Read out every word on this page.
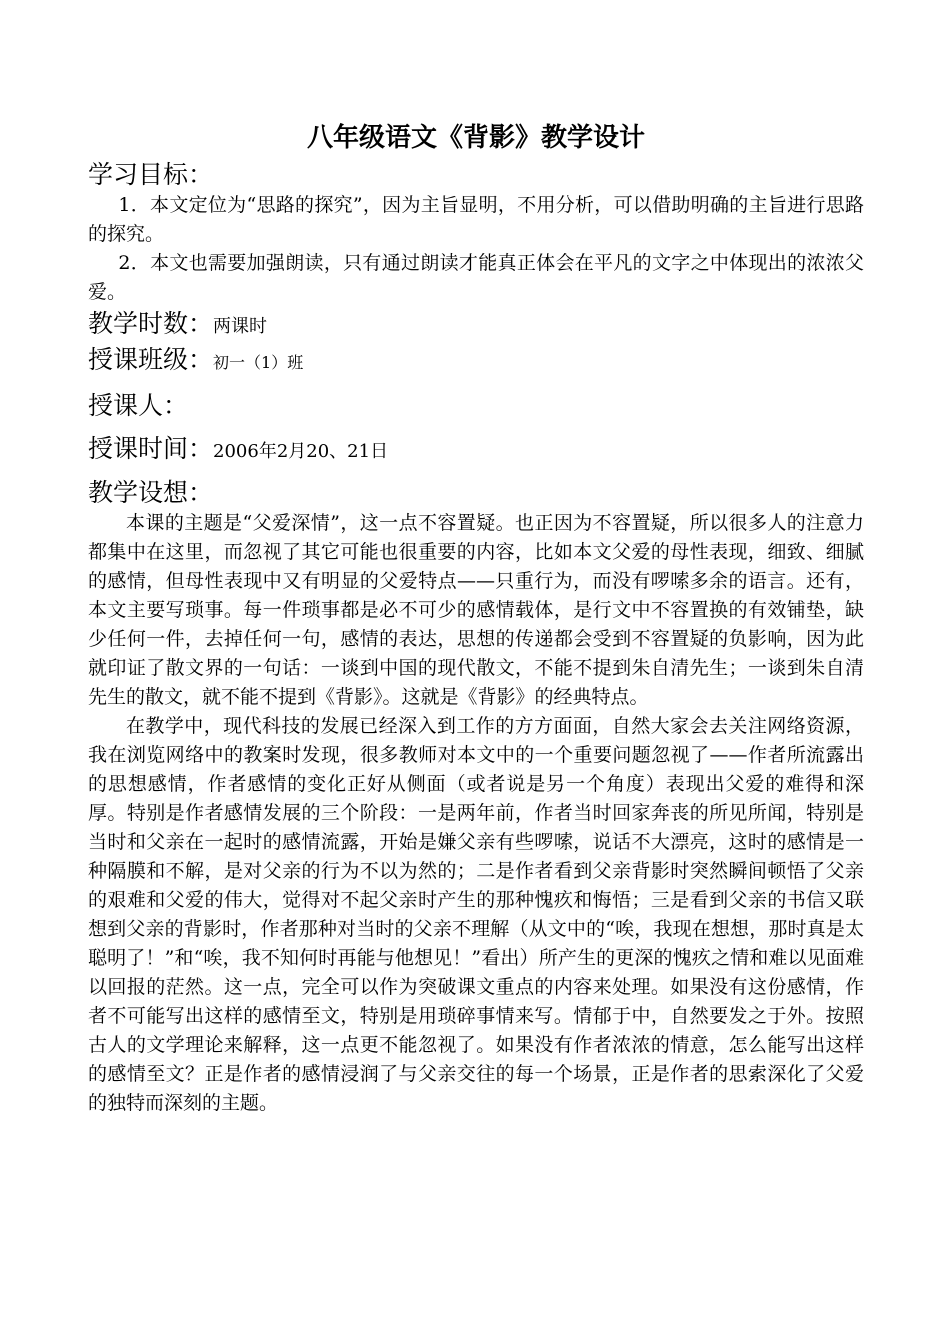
八年级语文《背影》教学设计

学习目标：

1．本文定位为“思路的探究”，因为主旨显明，不用分析，可以借助明确的主旨进行思路的探究。

2．本文也需要加强朗读，只有通过朗读才能真正体会在平凡的文字之中体现出的浓浓父爱。

教学时数：两课时

授课班级：初一（1）班

授课人：

授课时间：2006年2月20、21日

教学设想：

本课的主题是“父爱深情”，这一点不容置疑。也正因为不容置疑，所以很多人的注意力都集中在这里，而忽视了其它可能也很重要的内容，比如本文父爱的母性表现，细致、细腻的感情，但母性表现中又有明显的父爱特点——只重行为，而没有啰嗦多余的语言。还有，本文主要写琐事。每一件琐事都是必不可少的感情载体，是行文中不容置换的有效铺垫，缺少任何一件，去掉任何一句，感情的表达，思想的传递都会受到不容置疑的负影响，因为此就印证了散文界的一句话：一谈到中国的现代散文，不能不提到朱自清先生；一谈到朱自清先生的散文，就不能不提到《背影》。这就是《背影》的经典特点。

在教学中，现代科技的发展已经深入到工作的方方面面，自然大家会去关注网络资源，我在浏览网络中的教案时发现，很多教师对本文中的一个重要问题忽视了——作者所流露出的思想感情，作者感情的变化正好从侧面（或者说是另一个角度）表现出父爱的难得和深厚。特别是作者感情发展的三个阶段：一是两年前，作者当时回家奔丧的所见所闻，特别是当时和父亲在一起时的感情流露，开始是嫌父亲有些啰嗦，说话不大漂亮，这时的感情是一种隔膜和不解，是对父亲的行为不以为然的；二是作者看到父亲背影时突然瞬间顿悟了父亲的艰难和父爱的伟大，觉得对不起父亲时产生的那种愧疚和悔悟；三是看到父亲的书信又联想到父亲的背影时，作者那种对当时的父亲不理解（从文中的“唉，我现在想想，那时真是太聪明了！”和“唉，我不知何时再能与他想见！”看出）所产生的更深的愧疚之情和难以见面难以回报的茫然。这一点，完全可以作为突破课文重点的内容来处理。如果没有这份感情，作者不可能写出这样的感情至文，特别是用琐碎事情来写。情郁于中，自然要发之于外。按照古人的文学理论来解释，这一点更不能忽视了。如果没有作者浓浓的情意，怎么能写出这样的感情至文？正是作者的感情浸润了与父亲交往的每一个场景，正是作者的思索深化了父爱的独特而深刻的主题。
